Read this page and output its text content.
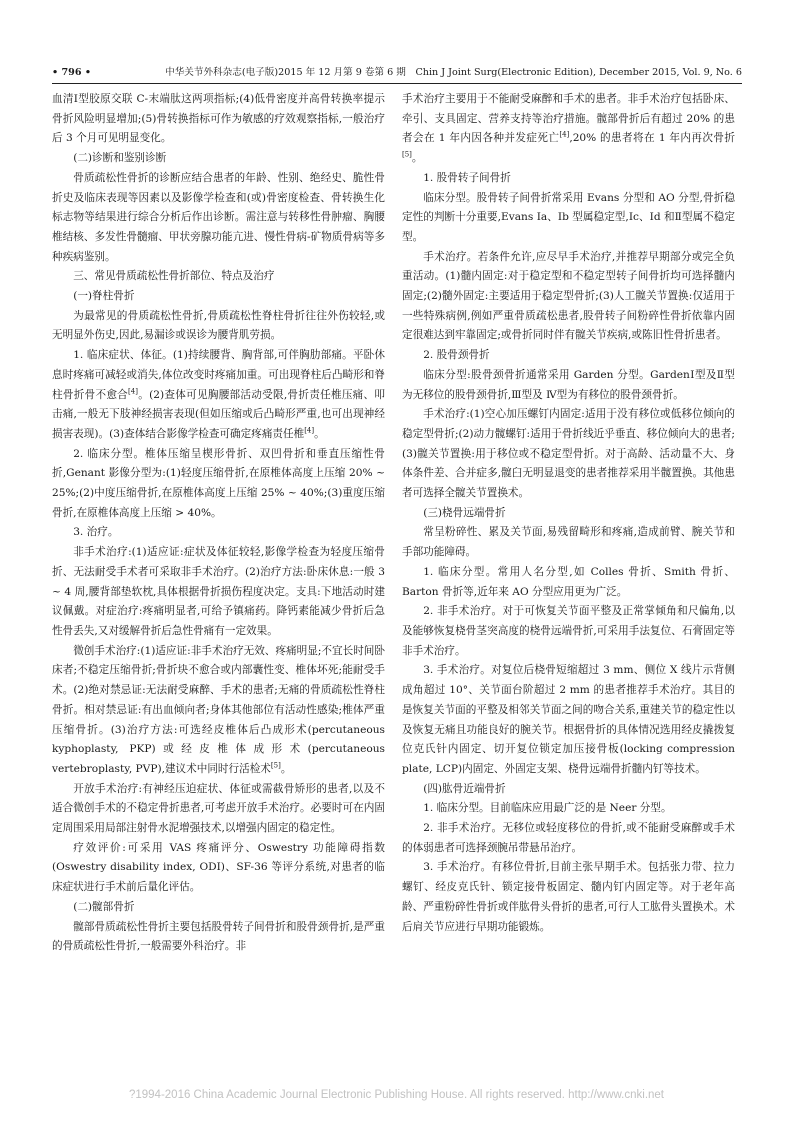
• 796 •	中华关节外科杂志(电子版)2015 年 12 月第 9 卷第 6 期　Chin J Joint Surg(Electronic Edition), December 2015, Vol. 9, No. 6

血清Ⅰ型胶原交联 C-末端肽这两项指标;(4)低骨密度并高骨转换率提示骨折风险明显增加;(5)骨转换指标可作为敏感的疗效观察指标,一般治疗后 3 个月可见明显变化。

(二)诊断和鉴别诊断

骨质疏松性骨折的诊断应结合患者的年龄、性别、绝经史、脆性骨折史及临床表现等因素以及影像学检查和(或)骨密度检查、骨转换生化标志物等结果进行综合分析后作出诊断。需注意与转移性骨肿瘤、胸腰椎结核、多发性骨髓瘤、甲状旁腺功能亢进、慢性骨病-矿物质骨病等多种疾病鉴别。

三、常见骨质疏松性骨折部位、特点及治疗

(一)脊柱骨折

为最常见的骨质疏松性骨折,骨质疏松性脊柱骨折往往外伤较轻,或无明显外伤史,因此,易漏诊或误诊为腰背肌劳损。

1. 临床症状、体征。(1)持续腰背、胸背部,可伴胸肋部痛。平卧休息时疼痛可减轻或消失,体位改变时疼痛加重。可出现脊柱后凸畸形和脊柱骨折骨不愈合[4]。(2)查体可见胸腰部活动受限,骨折责任椎压痛、叩击痛,一般无下肢神经损害表现(但如压缩或后凸畸形严重,也可出现神经损害表现)。(3)查体结合影像学检查可确定疼痛责任椎[4]。

2. 临床分型。椎体压缩呈楔形骨折、双凹骨折和垂直压缩性骨折,Genant 影像分型为:(1)轻度压缩骨折,在原椎体高度上压缩 20% ~ 25%;(2)中度压缩骨折,在原椎体高度上压缩 25% ~ 40%;(3)重度压缩骨折,在原椎体高度上压缩 > 40%。

3. 治疗。

非手术治疗:(1)适应证:症状及体征较轻,影像学检查为轻度压缩骨折、无法耐受手术者可采取非手术治疗。(2)治疗方法:卧床休息:一般 3 ~ 4 周,腰背部垫软枕,具体根据骨折损伤程度决定。支具:下地活动时建议佩戴。对症治疗:疼痛明显者,可给予镇痛药。降钙素能减少骨折后急性骨丢失,又对缓解骨折后急性骨痛有一定效果。

微创手术治疗:(1)适应证:非手术治疗无效、疼痛明显;不宜长时间卧床者;不稳定压缩骨折;骨折块不愈合或内部囊性变、椎体坏死;能耐受手术。(2)绝对禁忌证:无法耐受麻醉、手术的患者;无痛的骨质疏松性脊柱骨折。相对禁忌证:有出血倾向者;身体其他部位有活动性感染;椎体严重压缩骨折。(3)治疗方法:可选经皮椎体后凸成形术(percutaneous kyphoplasty, PKP)或经皮椎体成形术(percutaneous vertebroplasty, PVP),建议术中同时行活检术[5]。

开放手术治疗:有神经压迫症状、体征或需截骨矫形的患者,以及不适合微创手术的不稳定骨折患者,可考虑开放手术治疗。必要时可在内固定周围采用局部注射骨水泥增强技术,以增强内固定的稳定性。

疗效评价:可采用 VAS 疼痛评分、Oswestry 功能障碍指数(Oswestry disability index, ODI)、SF-36 等评分系统,对患者的临床症状进行手术前后量化评估。

(二)髋部骨折

髋部骨质疏松性骨折主要包括股骨转子间骨折和股骨颈骨折,是严重的骨质疏松性骨折,一般需要外科治疗。非

手术治疗主要用于不能耐受麻醉和手术的患者。非手术治疗包括卧床、牵引、支具固定、营养支持等治疗措施。髋部骨折后有超过 20% 的患者会在 1 年内因各种并发症死亡[4],20% 的患者将在 1 年内再次骨折[5]。

1. 股骨转子间骨折

临床分型。股骨转子间骨折常采用 Evans 分型和 AO 分型,骨折稳定性的判断十分重要,Evans Ⅰa、Ⅰb 型属稳定型,Ⅰc、Ⅰd 和Ⅱ型属不稳定型。

手术治疗。若条件允许,应尽早手术治疗,并推荐早期部分或完全负重活动。(1)髓内固定:对于稳定型和不稳定型转子间骨折均可选择髓内固定;(2)髓外固定:主要适用于稳定型骨折;(3)人工髋关节置换:仅适用于一些特殊病例,例如严重骨质疏松患者,股骨转子间粉碎性骨折依靠内固定很难达到牢靠固定;或骨折同时伴有髋关节疾病,或陈旧性骨折患者。

2. 股骨颈骨折

临床分型:股骨颈骨折通常采用 Garden 分型。GardenⅠ型及Ⅱ型为无移位的股骨颈骨折,Ⅲ型及 Ⅳ型为有移位的股骨颈骨折。

手术治疗:(1)空心加压螺钉内固定:适用于没有移位或低移位倾向的稳定型骨折;(2)动力髋螺钉:适用于骨折线近乎垂直、移位倾向大的患者;(3)髋关节置换:用于移位或不稳定型骨折。对于高龄、活动量不大、身体条件差、合并症多,髋臼无明显退变的患者推荐采用半髋置换。其他患者可选择全髋关节置换术。

(三)桡骨远端骨折

常呈粉碎性、累及关节面,易残留畸形和疼痛,造成前臂、腕关节和手部功能障碍。

1. 临床分型。常用人名分型,如 Colles 骨折、Smith 骨折、Barton 骨折等,近年来 AO 分型应用更为广泛。

2. 非手术治疗。对于可恢复关节面平整及正常掌倾角和尺偏角,以及能够恢复桡骨茎突高度的桡骨远端骨折,可采用手法复位、石膏固定等非手术治疗。

3. 手术治疗。对复位后桡骨短缩超过 3 mm、侧位 X 线片示背侧成角超过 10°、关节面台阶超过 2 mm 的患者推荐手术治疗。其目的是恢复关节面的平整及相邻关节面之间的吻合关系,重建关节的稳定性以及恢复无痛且功能良好的腕关节。根据骨折的具体情况选用经皮撬拨复位克氏针内固定、切开复位锁定加压接骨板(locking compression plate, LCP)内固定、外固定支架、桡骨远端骨折髓内钉等技术。

(四)肱骨近端骨折

1. 临床分型。目前临床应用最广泛的是 Neer 分型。

2. 非手术治疗。无移位或轻度移位的骨折,或不能耐受麻醉或手术的体弱患者可选择颈腕吊带悬吊治疗。

3. 手术治疗。有移位骨折,目前主张早期手术。包括张力带、拉力螺钉、经皮克氏针、锁定接骨板固定、髓内钉内固定等。对于老年高龄、严重粉碎性骨折或伴肱骨头骨折的患者,可行人工肱骨头置换术。术后肩关节应进行早期功能锻炼。

?1994-2016 China Academic Journal Electronic Publishing House. All rights reserved. http://www.cnki.net
